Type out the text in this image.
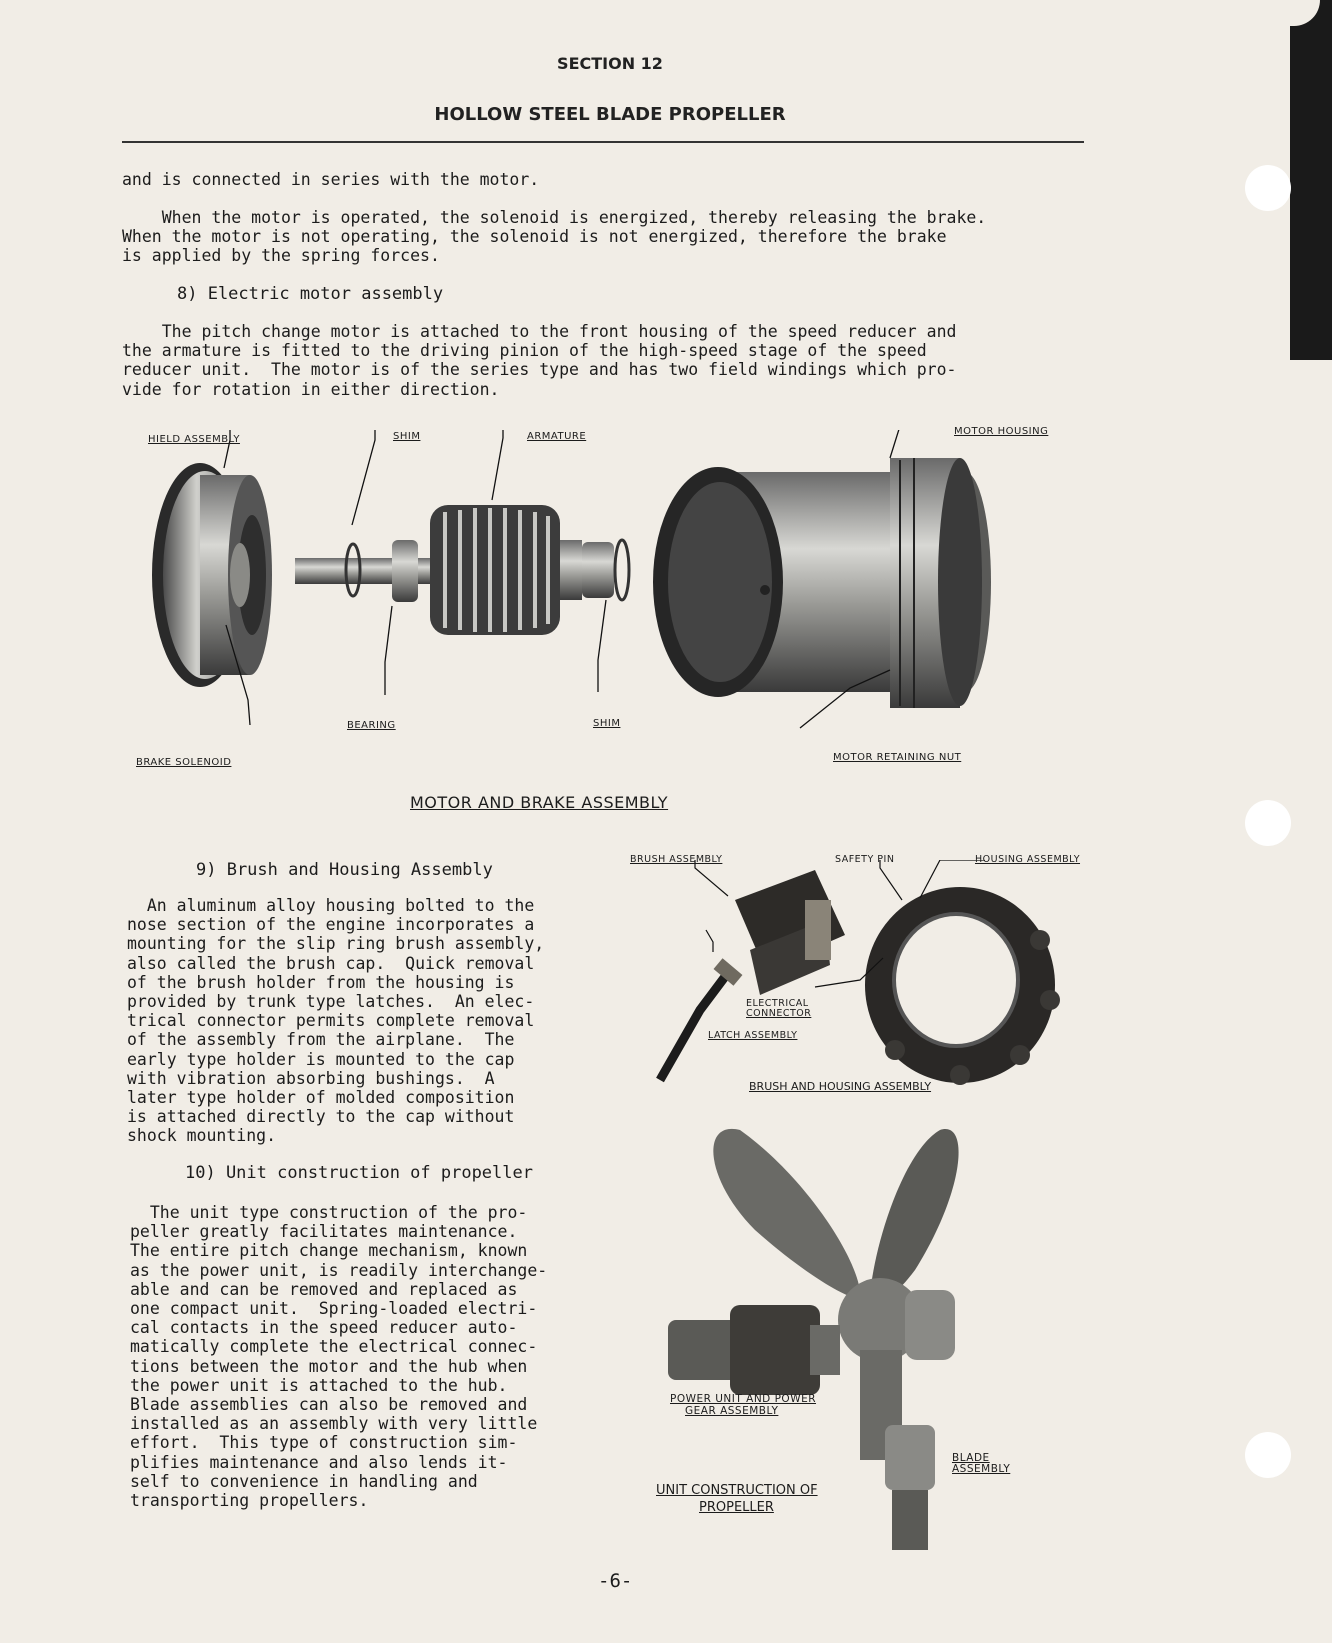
SECTION 12
HOLLOW STEEL BLADE PROPELLER
and is connected in series with the motor.
When the motor is operated, the solenoid is energized, thereby releasing the brake.
When the motor is not operating, the solenoid is not energized, therefore the brake
is applied by the spring forces.
8) Electric motor assembly
The pitch change motor is attached to the front housing of the speed reducer and
the armature is fitted to the driving pinion of the high-speed stage of the speed
reducer unit.  The motor is of the series type and has two field windings which pro-
vide for rotation in either direction.
HIELD ASSEMBLY	SHIM	ARMATURE	MOTOR HOUSING
BEARING	SHIM
BRAKE SOLENOID	MOTOR RETAINING NUT
MOTOR AND BRAKE ASSEMBLY
9) Brush and Housing Assembly
An aluminum alloy housing bolted to the
nose section of the engine incorporates a
mounting for the slip ring brush assembly,
also called the brush cap.  Quick removal
of the brush holder from the housing is
provided by trunk type latches.  An elec-
trical connector permits complete removal
of the assembly from the airplane.  The
early type holder is mounted to the cap
with vibration absorbing bushings.  A
later type holder of molded composition
is attached directly to the cap without
shock mounting.
BRUSH ASSEMBLY	SAFETY PIN	HOUSING ASSEMBLY
ELECTRICAL
CONNECTOR
LATCH ASSEMBLY
BRUSH AND HOUSING ASSEMBLY
10) Unit construction of propeller
The unit type construction of the pro-
peller greatly facilitates maintenance.
The entire pitch change mechanism, known
as the power unit, is readily interchange-
able and can be removed and replaced as
one compact unit.  Spring-loaded electri-
cal contacts in the speed reducer auto-
matically complete the electrical connec-
tions between the motor and the hub when
the power unit is attached to the hub.
Blade assemblies can also be removed and
installed as an assembly with very little
effort.  This type of construction sim-
plifies maintenance and also lends it-
self to convenience in handling and
transporting propellers.
POWER UNIT AND POWER
GEAR ASSEMBLY
BLADE
ASSEMBLY
UNIT CONSTRUCTION OF
PROPELLER
-6-
